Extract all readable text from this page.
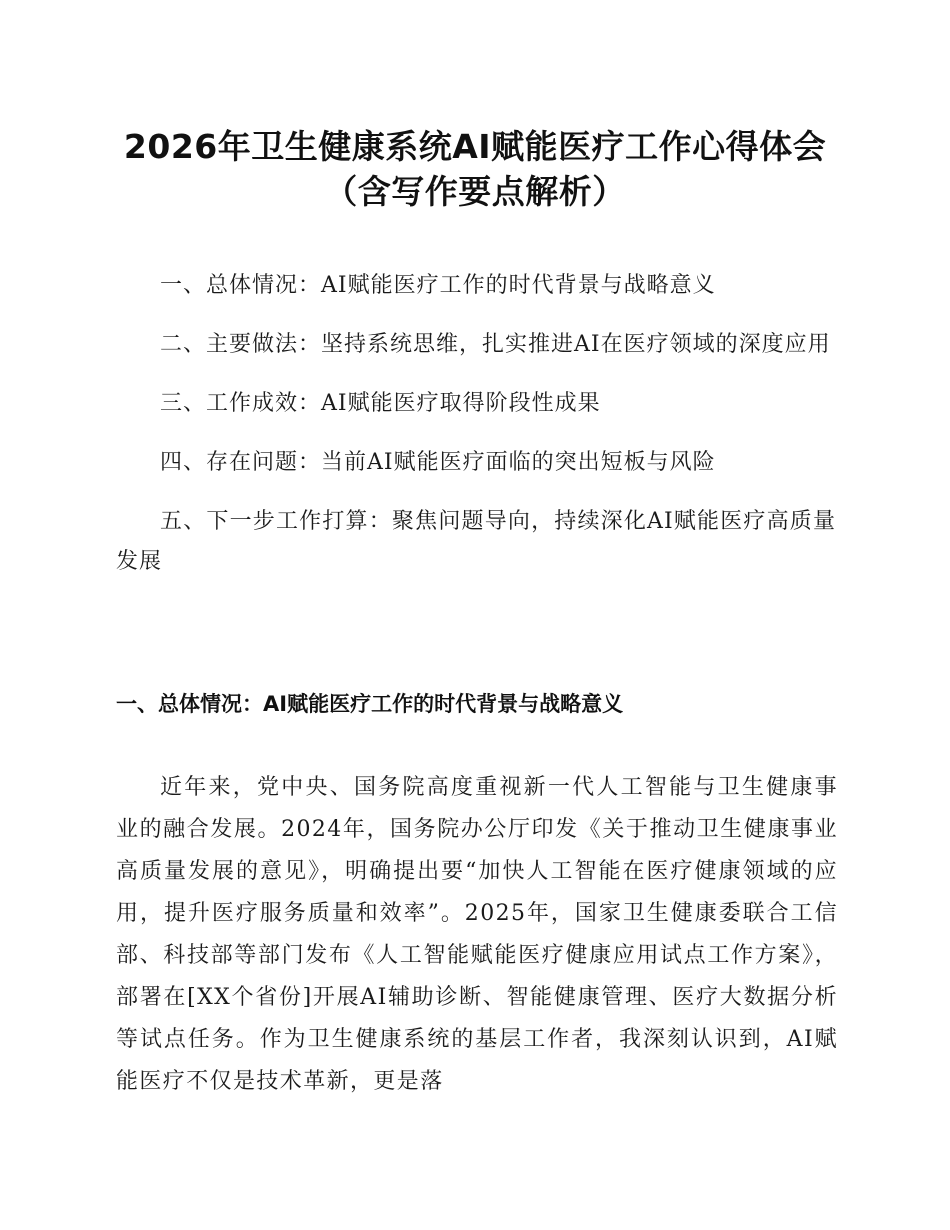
2026年卫生健康系统AI赋能医疗工作心得体会
（含写作要点解析）
一、总体情况：AI赋能医疗工作的时代背景与战略意义
二、主要做法：坚持系统思维，扎实推进AI在医疗领域的深度应用
三、工作成效：AI赋能医疗取得阶段性成果
四、存在问题：当前AI赋能医疗面临的突出短板与风险
五、下一步工作打算：聚焦问题导向，持续深化AI赋能医疗高质量发展
一、总体情况：AI赋能医疗工作的时代背景与战略意义

近年来，党中央、国务院高度重视新一代人工智能与卫生健康事业的融合发展。2024年，国务院办公厅印发《关于推动卫生健康事业高质量发展的意见》，明确提出要“加快人工智能在医疗健康领域的应用，提升医疗服务质量和效率”。2025年，国家卫生健康委联合工信部、科技部等部门发布《人工智能赋能医疗健康应用试点工作方案》，部署在[XX个省份]开展AI辅助诊断、智能健康管理、医疗大数据分析等试点任务。作为卫生健康系统的基层工作者，我深刻认识到，AI赋能医疗不仅是技术革新，更是落
